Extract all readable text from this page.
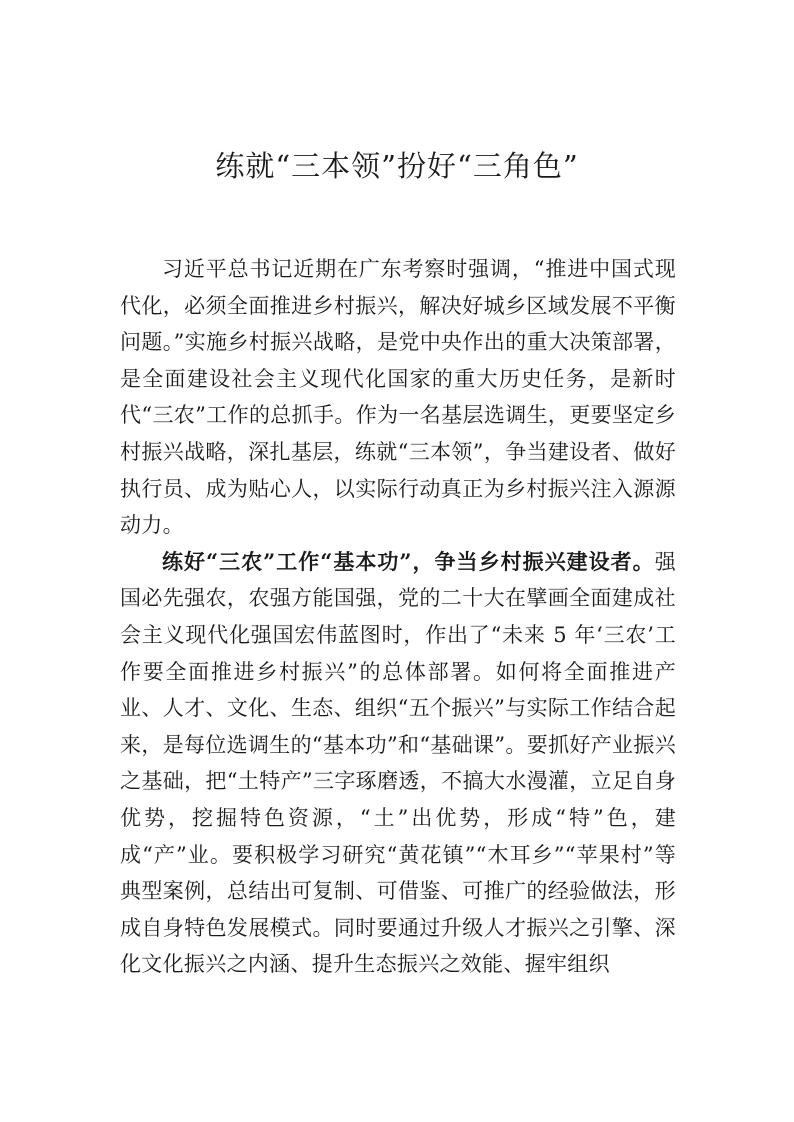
练就“三本领”扮好“三角色”

习近平总书记近期在广东考察时强调，“推进中国式现代化，必须全面推进乡村振兴，解决好城乡区域发展不平衡问题。”实施乡村振兴战略，是党中央作出的重大决策部署，是全面建设社会主义现代化国家的重大历史任务，是新时代“三农”工作的总抓手。作为一名基层选调生，更要坚定乡村振兴战略，深扎基层，练就“三本领”，争当建设者、做好执行员、成为贴心人，以实际行动真正为乡村振兴注入源源动力。

练好“三农”工作“基本功”，争当乡村振兴建设者。强国必先强农，农强方能国强，党的二十大在擘画全面建成社会主义现代化强国宏伟蓝图时，作出了“未来 5 年‘三农’工作要全面推进乡村振兴”的总体部署。如何将全面推进产业、人才、文化、生态、组织“五个振兴”与实际工作结合起来，是每位选调生的“基本功”和“基础课”。要抓好产业振兴之基础，把“土特产”三字琢磨透，不搞大水漫灌，立足自身优势，挖掘特色资源，“土”出优势，形成“特”色，建成“产”业。要积极学习研究“黄花镇”“木耳乡”“苹果村”等典型案例，总结出可复制、可借鉴、可推广的经验做法，形成自身特色发展模式。同时要通过升级人才振兴之引擎、深化文化振兴之内涵、提升生态振兴之效能、握牢组织
